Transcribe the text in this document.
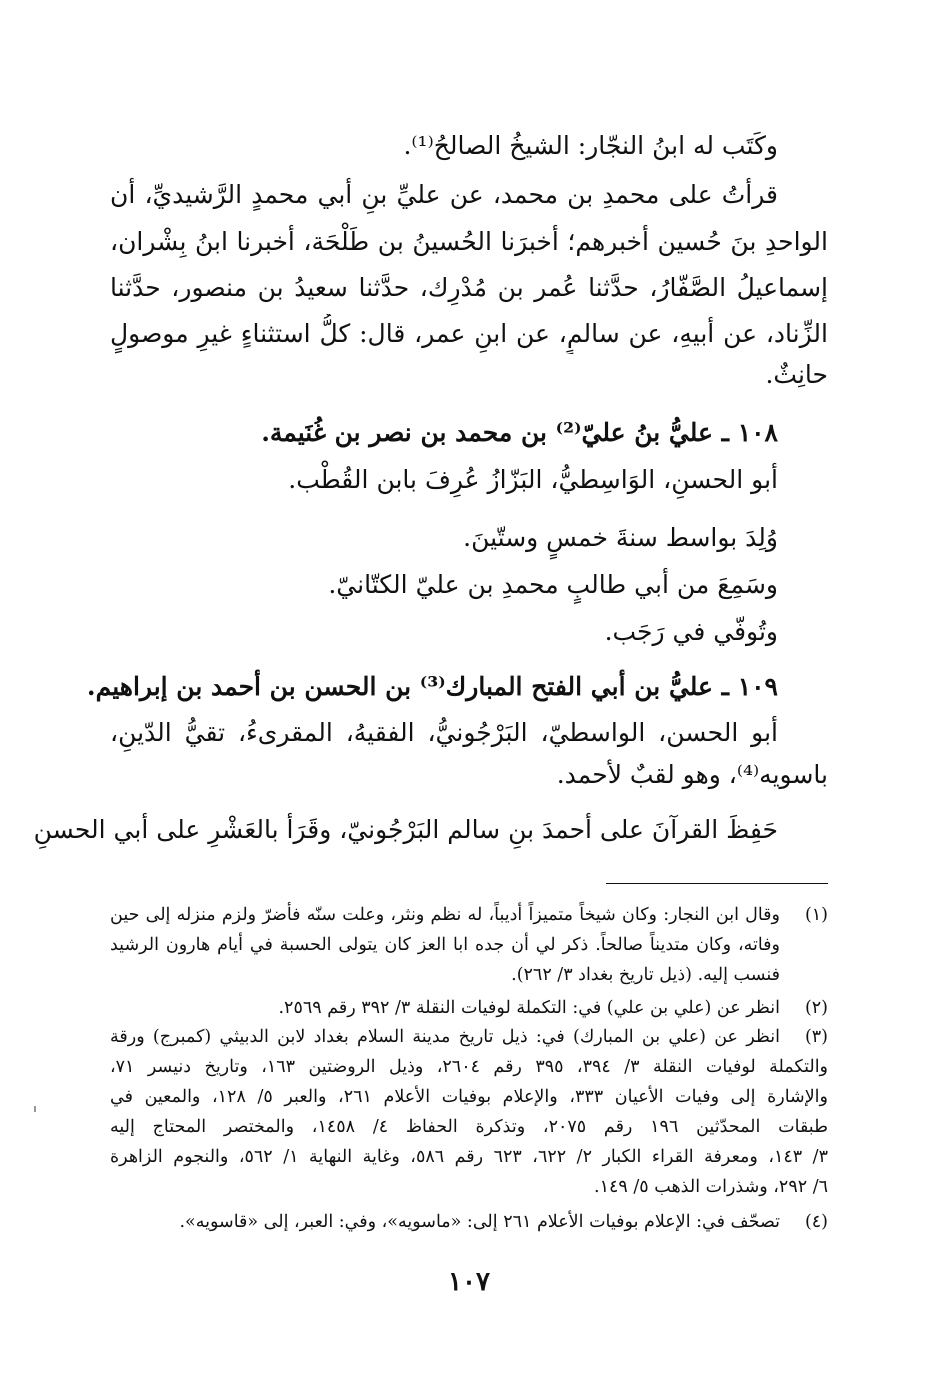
وكَتَب له ابنُ النجّار: الشيخُ الصالحُ⁽¹⁾.
قرأتُ على محمدِ بن محمد، عن عليِّ بنِ أبي محمدٍ الرَّشيديِّ، أن
الواحدِ بنَ حُسين أخبرهم؛ أخبرَنا الحُسينُ بن طَلْحَة، أخبرنا ابنُ بِشْران،
إسماعيلُ الصَّفّارُ، حدَّثنا عُمر بن مُدْرِك، حدَّثنا سعيدُ بن منصور، حدَّثنا
الزِّناد، عن أبيهِ، عن سالمٍ، عن ابنِ عمر، قال: كلُّ استثناءٍ غيرِ موصولٍ
حانِثٌ.
١٠٨ ـ عليُّ بنُ عليّ⁽²⁾ بن محمد بن نصر بن غُنَيمة.
أبو الحسنِ، الوَاسِطيُّ، البَزّازُ عُرِفَ بابن القُطْب.
وُلِدَ بواسط سنةَ خمسٍ وستّينَ.
وسَمِعَ من أبي طالبٍ محمدِ بن عليّ الكتّانيّ.
وتُوفّي في رَجَب.
١٠٩ ـ عليُّ بن أبي الفتح المبارك⁽³⁾ بن الحسن بن أحمد بن إبراهيم.
أبو الحسن، الواسطيّ، البَرْجُونيُّ، الفقيهُ، المقرىءُ، تقيُّ الدّينِ،
باسويه⁽⁴⁾، وهو لقبٌ لأحمد.
حَفِظَ القرآنَ على أحمدَ بنِ سالم البَرْجُونيّ، وقَرَأ بالعَشْرِ على أبي الحسنِ
(١)
وقال ابن النجار: وكان شيخاً متميزاً أديباً، له نظم ونثر، وعلت سنّه فأضرّ ولزم منزله إلى حين
وفاته، وكان متديناً صالحاً. ذكر لي أن جده ابا العز كان يتولى الحسبة في أيام هارون الرشيد
فنسب إليه. (ذيل تاريخ بغداد ٣/ ٢٦٢).
(٢)
انظر عن (علي بن علي) في: التكملة لوفيات النقلة ٣/ ٣٩٢ رقم ٢٥٦٩.
(٣)
انظر عن (علي بن المبارك) في: ذيل تاريخ مدينة السلام بغداد لابن الدبيثي (كمبرج) ورقة
والتكملة لوفيات النقلة ٣/ ٣٩٤، ٣٩٥ رقم ٢٦٠٤، وذيل الروضتين ١٦٣، وتاريخ دنيسر ٧١،
والإشارة إلى وفيات الأعيان ٣٣٣، والإعلام بوفيات الأعلام ٢٦١، والعبر ٥/ ١٢٨، والمعين في
طبقات المحدّثين ١٩٦ رقم ٢٠٧٥، وتذكرة الحفاظ ٤/ ١٤٥٨، والمختصر المحتاج إليه
٣/ ١٤٣، ومعرفة القراء الكبار ٢/ ٦٢٢، ٦٢٣ رقم ٥٨٦، وغاية النهاية ١/ ٥٦٢، والنجوم الزاهرة
٦/ ٢٩٢، وشذرات الذهب ٥/ ١٤٩.
(٤)
تصحّف في: الإعلام بوفيات الأعلام ٢٦١ إلى: «ماسويه»، وفي: العبر، إلى «قاسويه».
١٠٧
